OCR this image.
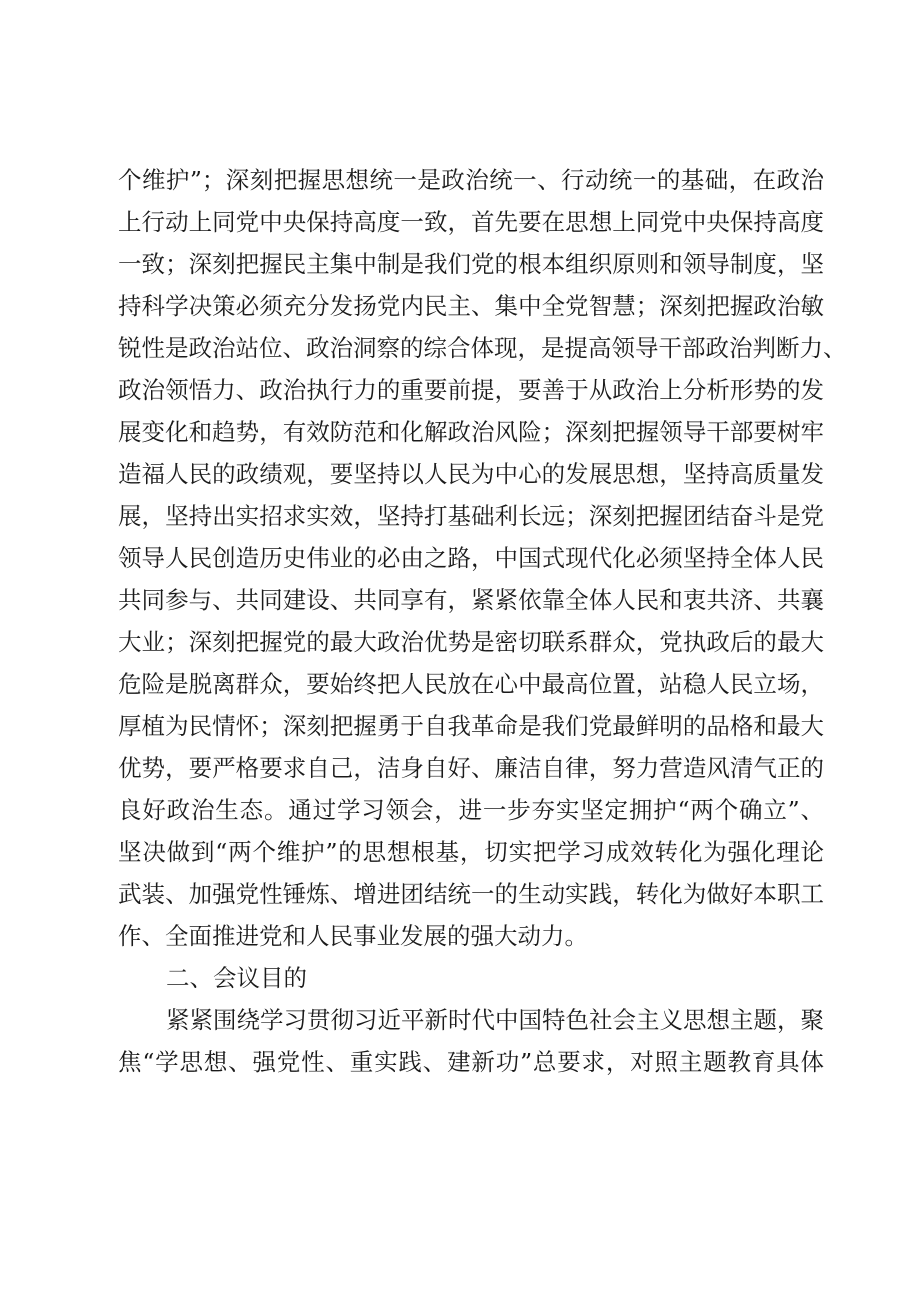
个维护”；深刻把握思想统一是政治统一、行动统一的基础，在政治
上行动上同党中央保持高度一致，首先要在思想上同党中央保持高度
一致；深刻把握民主集中制是我们党的根本组织原则和领导制度，坚
持科学决策必须充分发扬党内民主、集中全党智慧；深刻把握政治敏
锐性是政治站位、政治洞察的综合体现，是提高领导干部政治判断力、
政治领悟力、政治执行力的重要前提，要善于从政治上分析形势的发
展变化和趋势，有效防范和化解政治风险；深刻把握领导干部要树牢
造福人民的政绩观，要坚持以人民为中心的发展思想，坚持高质量发
展，坚持出实招求实效，坚持打基础利长远；深刻把握团结奋斗是党
领导人民创造历史伟业的必由之路，中国式现代化必须坚持全体人民
共同参与、共同建设、共同享有，紧紧依靠全体人民和衷共济、共襄
大业；深刻把握党的最大政治优势是密切联系群众，党执政后的最大
危险是脱离群众，要始终把人民放在心中最高位置，站稳人民立场，
厚植为民情怀；深刻把握勇于自我革命是我们党最鲜明的品格和最大
优势，要严格要求自己，洁身自好、廉洁自律，努力营造风清气正的
良好政治生态。通过学习领会，进一步夯实坚定拥护“两个确立”、
坚决做到“两个维护”的思想根基，切实把学习成效转化为强化理论
武装、加强党性锤炼、增进团结统一的生动实践，转化为做好本职工
作、全面推进党和人民事业发展的强大动力。
二、会议目的
紧紧围绕学习贯彻习近平新时代中国特色社会主义思想主题，聚
焦“学思想、强党性、重实践、建新功”总要求，对照主题教育具体
